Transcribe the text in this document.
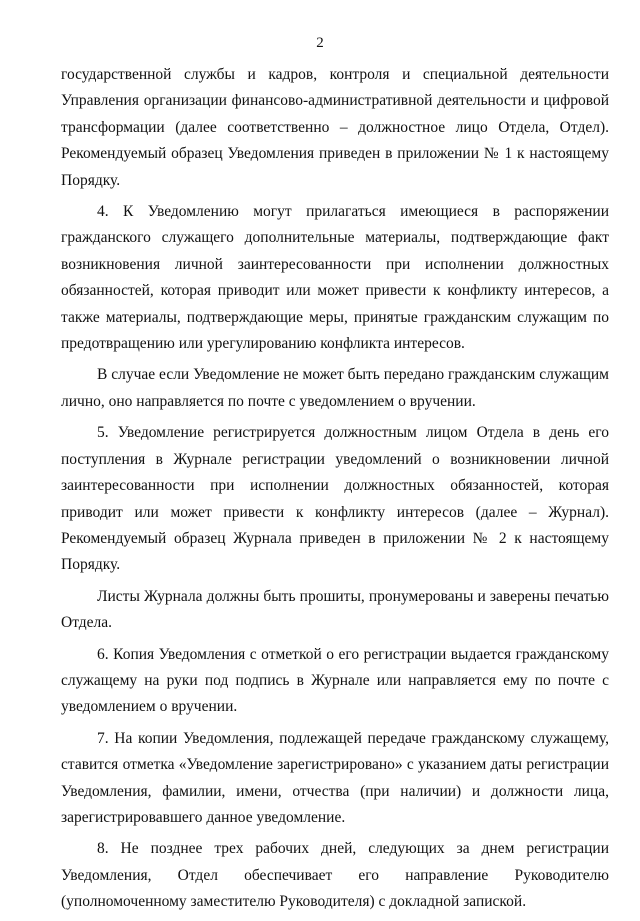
2

государственной службы и кадров, контроля и специальной деятельности Управления организации финансово-административной деятельности и цифровой трансформации (далее соответственно – должностное лицо Отдела, Отдел). Рекомендуемый образец Уведомления приведен в приложении № 1 к настоящему Порядку.

4. К Уведомлению могут прилагаться имеющиеся в распоряжении гражданского служащего дополнительные материалы, подтверждающие факт возникновения личной заинтересованности при исполнении должностных обязанностей, которая приводит или может привести к конфликту интересов, а также материалы, подтверждающие меры, принятые гражданским служащим по предотвращению или урегулированию конфликта интересов.

В случае если Уведомление не может быть передано гражданским служащим лично, оно направляется по почте с уведомлением о вручении.

5. Уведомление регистрируется должностным лицом Отдела в день его поступления в Журнале регистрации уведомлений о возникновении личной заинтересованности при исполнении должностных обязанностей, которая приводит или может привести к конфликту интересов (далее – Журнал). Рекомендуемый образец Журнала приведен в приложении № 2 к настоящему Порядку.

Листы Журнала должны быть прошиты, пронумерованы и заверены печатью Отдела.

6. Копия Уведомления с отметкой о его регистрации выдается гражданскому служащему на руки под подпись в Журнале или направляется ему по почте с уведомлением о вручении.

7. На копии Уведомления, подлежащей передаче гражданскому служащему, ставится отметка «Уведомление зарегистрировано» с указанием даты регистрации Уведомления, фамилии, имени, отчества (при наличии) и должности лица, зарегистрировавшего данное уведомление.

8. Не позднее трех рабочих дней, следующих за днем регистрации Уведомления, Отдел обеспечивает его направление Руководителю (уполномоченному заместителю Руководителя) с докладной запиской.
